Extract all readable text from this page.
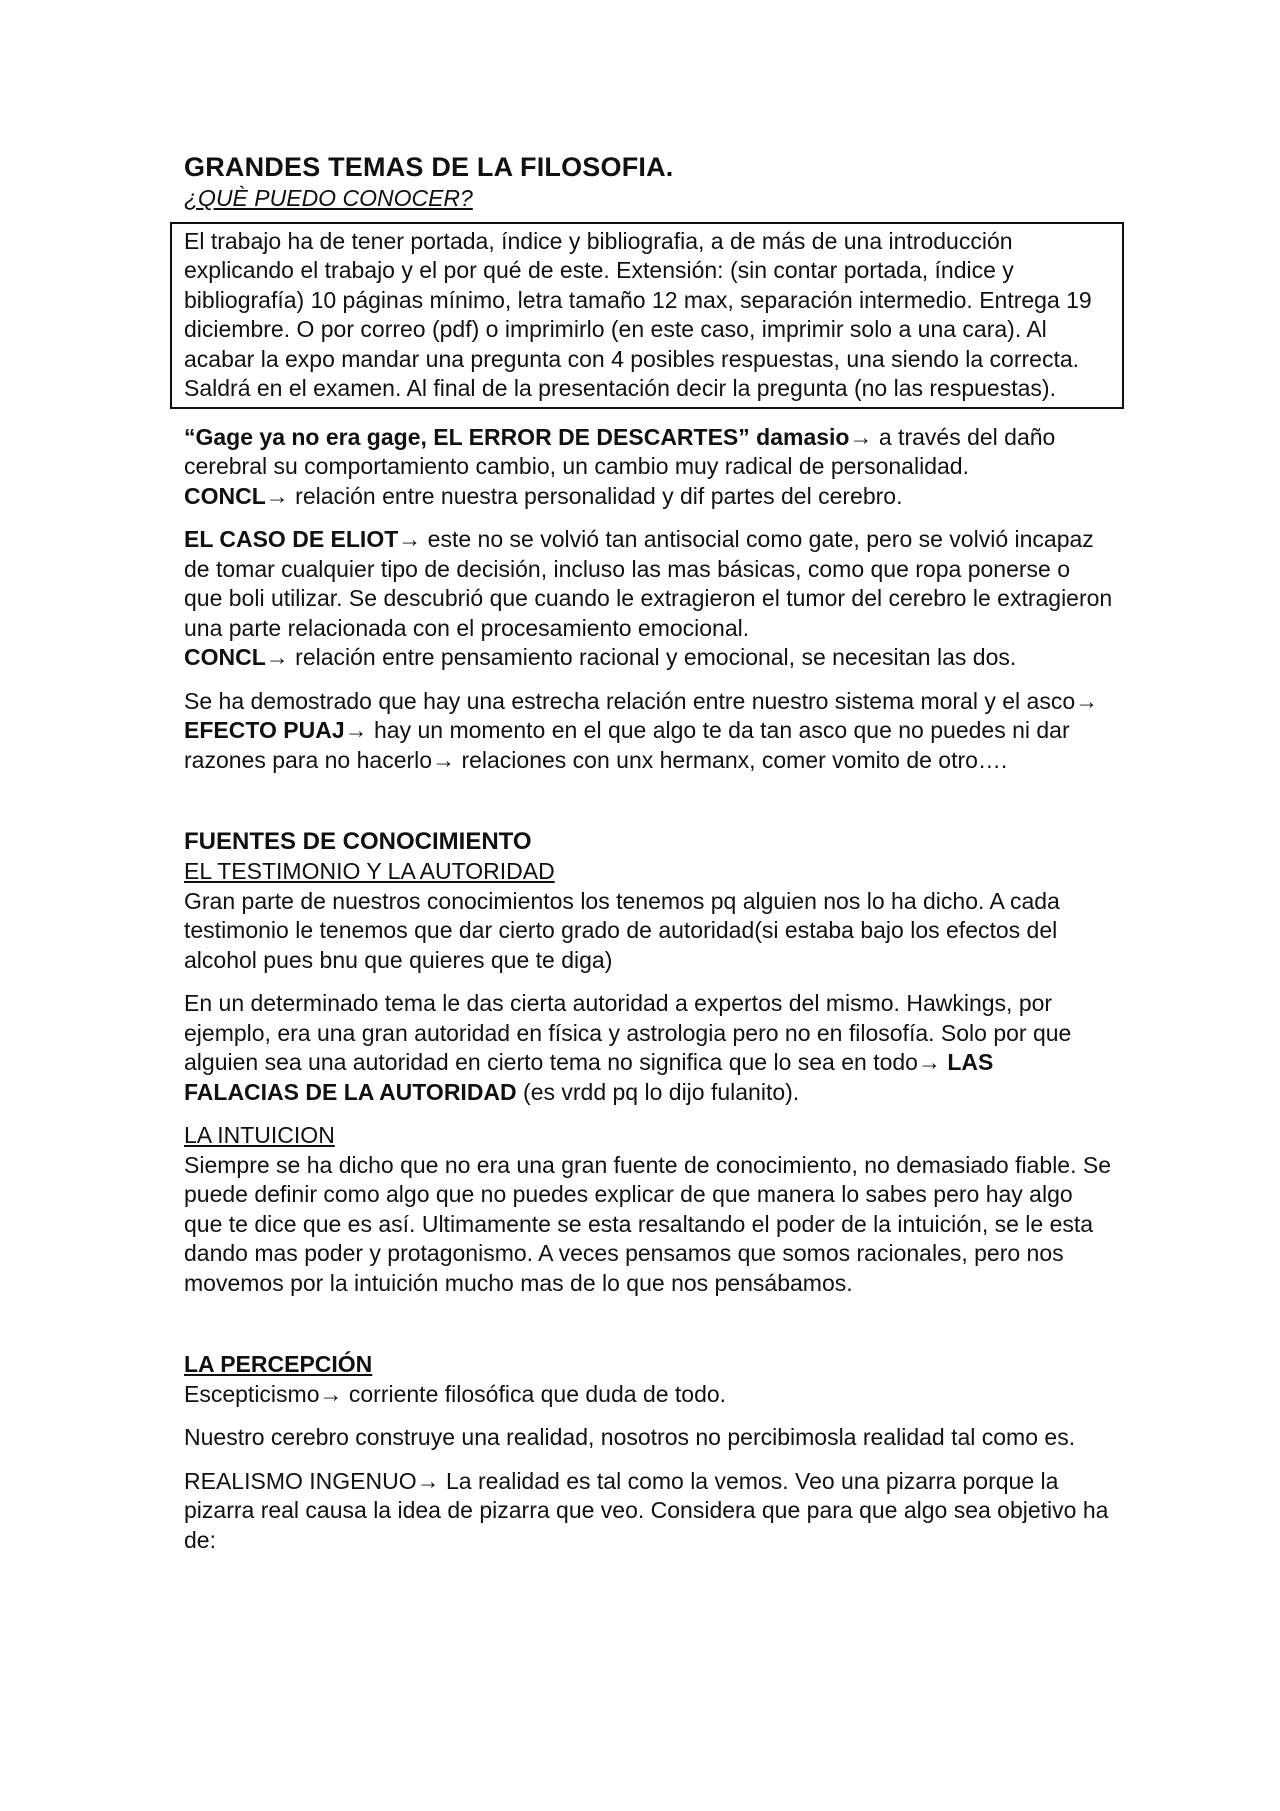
GRANDES TEMAS DE LA FILOSOFIA.
¿QUÈ PUEDO CONOCER?
El trabajo ha de tener portada, índice y bibliografia, a de más de una introducción explicando el trabajo y el por qué de este. Extensión: (sin contar portada, índice y bibliografía) 10 páginas mínimo, letra tamaño 12 max, separación intermedio. Entrega 19 diciembre. O por correo (pdf) o imprimirlo (en este caso, imprimir solo a una cara). Al acabar la expo mandar una pregunta con 4 posibles respuestas, una siendo la correcta. Saldrá en el examen. Al final de la presentación decir la pregunta (no las respuestas).

“Gage ya no era gage, EL ERROR DE DESCARTES” damasio→ a través del daño cerebral su comportamiento cambio, un cambio muy radical de personalidad.
CONCL→ relación entre nuestra personalidad y dif partes del cerebro.

EL CASO DE ELIOT→ este no se volvió tan antisocial como gate, pero se volvió incapaz de tomar cualquier tipo de decisión, incluso las mas básicas, como que ropa ponerse o que boli utilizar. Se descubrió que cuando le extragieron el tumor del cerebro le extragieron una parte relacionada con el procesamiento emocional.
CONCL→ relación entre pensamiento racional y emocional, se necesitan las dos.

Se ha demostrado que hay una estrecha relación entre nuestro sistema moral y el asco→ EFECTO PUAJ→ hay un momento en el que algo te da tan asco que no puedes ni dar razones para no hacerlo→ relaciones con unx hermanx, comer vomito de otro….

FUENTES DE CONOCIMIENTO
EL TESTIMONIO Y LA AUTORIDAD

Gran parte de nuestros conocimientos los tenemos pq alguien nos lo ha dicho. A cada testimonio le tenemos que dar cierto grado de autoridad(si estaba bajo los efectos del alcohol pues bnu que quieres que te diga)

En un determinado tema le das cierta autoridad a expertos del mismo. Hawkings, por ejemplo, era una gran autoridad en física y astrologia pero no en filosofía. Solo por que alguien sea una autoridad en cierto tema no significa que lo sea en todo→ LAS FALACIAS DE LA AUTORIDAD (es vrdd pq lo dijo fulanito).

LA INTUICION

Siempre se ha dicho que no era una gran fuente de conocimiento, no demasiado fiable. Se puede definir como algo que no puedes explicar de que manera lo sabes pero hay algo que te dice que es así. Ultimamente se esta resaltando el poder de la intuición, se le esta dando mas poder y protagonismo. A veces pensamos que somos racionales, pero nos movemos por la intuición mucho mas de lo que nos pensábamos.

LA PERCEPCIÓN

Escepticismo→ corriente filosófica que duda de todo.

Nuestro cerebro construye una realidad, nosotros no percibimosla realidad tal como es.

REALISMO INGENUO→ La realidad es tal como la vemos. Veo una pizarra porque la pizarra real causa la idea de pizarra que veo. Considera que para que algo sea objetivo ha de:
